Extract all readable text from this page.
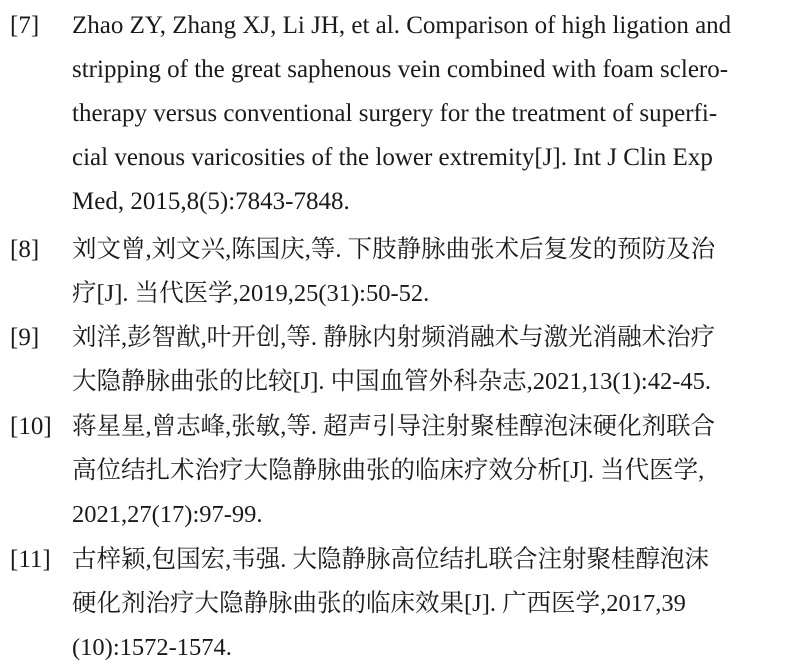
[7] Zhao ZY, Zhang XJ, Li JH, et al. Comparison of high ligation and
stripping of the great saphenous vein combined with foam sclero-
therapy versus conventional surgery for the treatment of superfi-
cial venous varicosities of the lower extremity[J]. Int J Clin Exp
Med, 2015,8(5):7843-7848.
[8] 刘文曾,刘文兴,陈国庆,等. 下肢静脉曲张术后复发的预防及治
疗[J]. 当代医学,2019,25(31):50-52.
[9] 刘洋,彭智猷,叶开创,等. 静脉内射频消融术与激光消融术治疗
大隐静脉曲张的比较[J]. 中国血管外科杂志,2021,13(1):42-45.
[10] 蒋星星,曾志峰,张敏,等. 超声引导注射聚桂醇泡沫硬化剂联合
高位结扎术治疗大隐静脉曲张的临床疗效分析[J]. 当代医学,
2021,27(17):97-99.
[11] 古梓颖,包国宏,韦强. 大隐静脉高位结扎联合注射聚桂醇泡沫
硬化剂治疗大隐静脉曲张的临床效果[J]. 广西医学,2017,39
(10):1572-1574.
